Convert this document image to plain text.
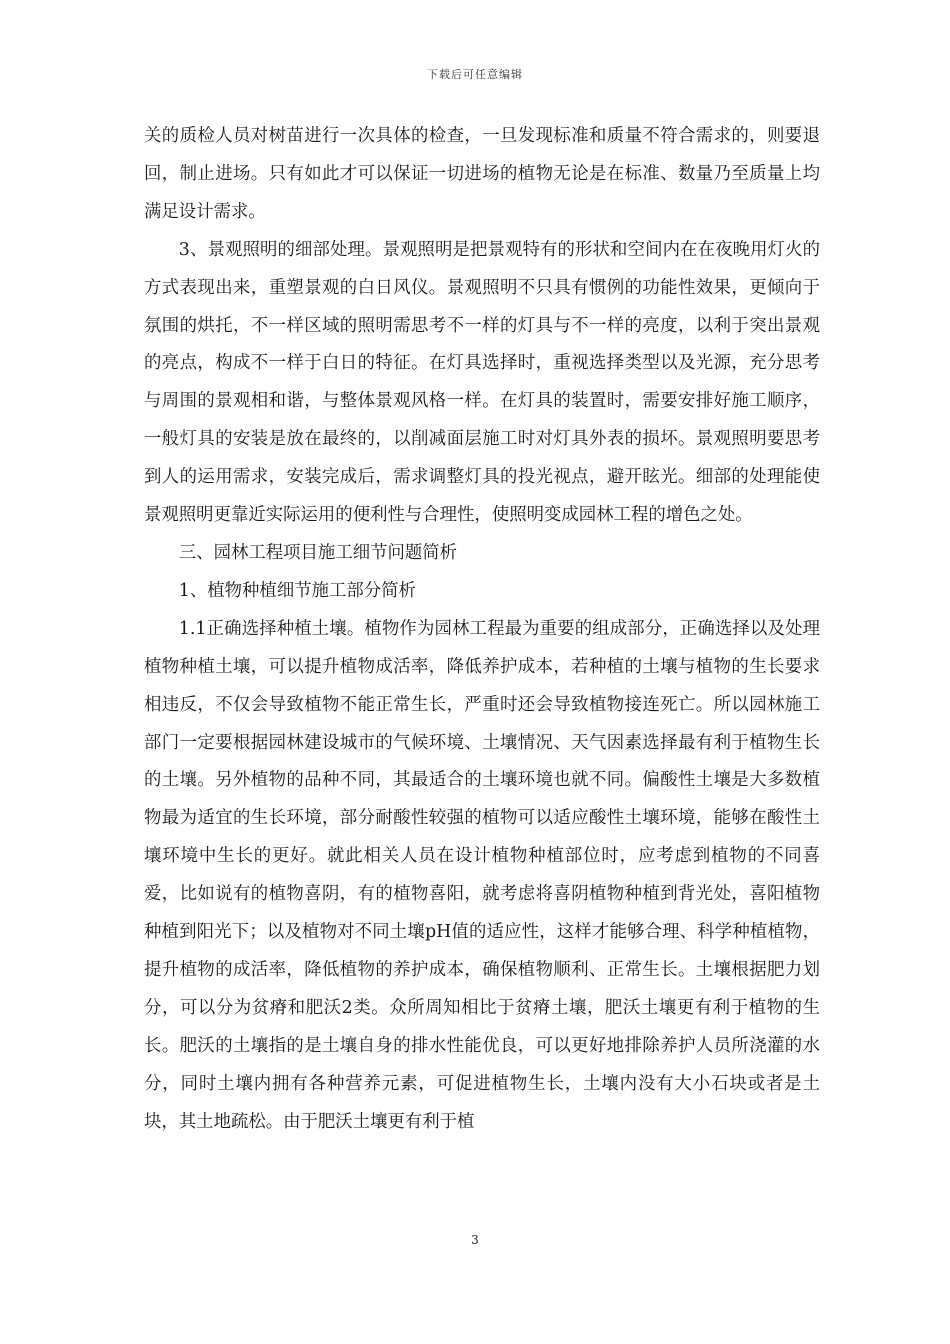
下载后可任意编辑

关的质检人员对树苗进行一次具体的检查，一旦发现标准和质量不符合需求的，则要退回，制止进场。只有如此才可以保证一切进场的植物无论是在标准、数量乃至质量上均满足设计需求。

3、景观照明的细部处理。景观照明是把景观特有的形状和空间内在在夜晚用灯火的方式表现出来，重塑景观的白日风仪。景观照明不只具有惯例的功能性效果，更倾向于氛围的烘托，不一样区域的照明需思考不一样的灯具与不一样的亮度，以利于突出景观的亮点，构成不一样于白日的特征。在灯具选择时，重视选择类型以及光源，充分思考与周围的景观相和谐，与整体景观风格一样。在灯具的装置时，需要安排好施工顺序，一般灯具的安装是放在最终的，以削减面层施工时对灯具外表的损坏。景观照明要思考到人的运用需求，安装完成后，需求调整灯具的投光视点，避开眩光。细部的处理能使景观照明更靠近实际运用的便利性与合理性，使照明变成园林工程的增色之处。

三、园林工程项目施工细节问题简析

1、植物种植细节施工部分简析

1.1正确选择种植土壤。植物作为园林工程最为重要的组成部分，正确选择以及处理植物种植土壤，可以提升植物成活率，降低养护成本，若种植的土壤与植物的生长要求相违反，不仅会导致植物不能正常生长，严重时还会导致植物接连死亡。所以园林施工部门一定要根据园林建设城市的气候环境、土壤情况、天气因素选择最有利于植物生长的土壤。另外植物的品种不同，其最适合的土壤环境也就不同。偏酸性土壤是大多数植物最为适宜的生长环境，部分耐酸性较强的植物可以适应酸性土壤环境，能够在酸性土壤环境中生长的更好。就此相关人员在设计植物种植部位时，应考虑到植物的不同喜爱，比如说有的植物喜阴，有的植物喜阳，就考虑将喜阴植物种植到背光处，喜阳植物种植到阳光下；以及植物对不同土壤pH值的适应性，这样才能够合理、科学种植植物，提升植物的成活率，降低植物的养护成本，确保植物顺利、正常生长。土壤根据肥力划分，可以分为贫瘠和肥沃2类。众所周知相比于贫瘠土壤，肥沃土壤更有利于植物的生长。肥沃的土壤指的是土壤自身的排水性能优良，可以更好地排除养护人员所浇灌的水分，同时土壤内拥有各种营养元素，可促进植物生长，土壤内没有大小石块或者是土块，其土地疏松。由于肥沃土壤更有利于植

3
